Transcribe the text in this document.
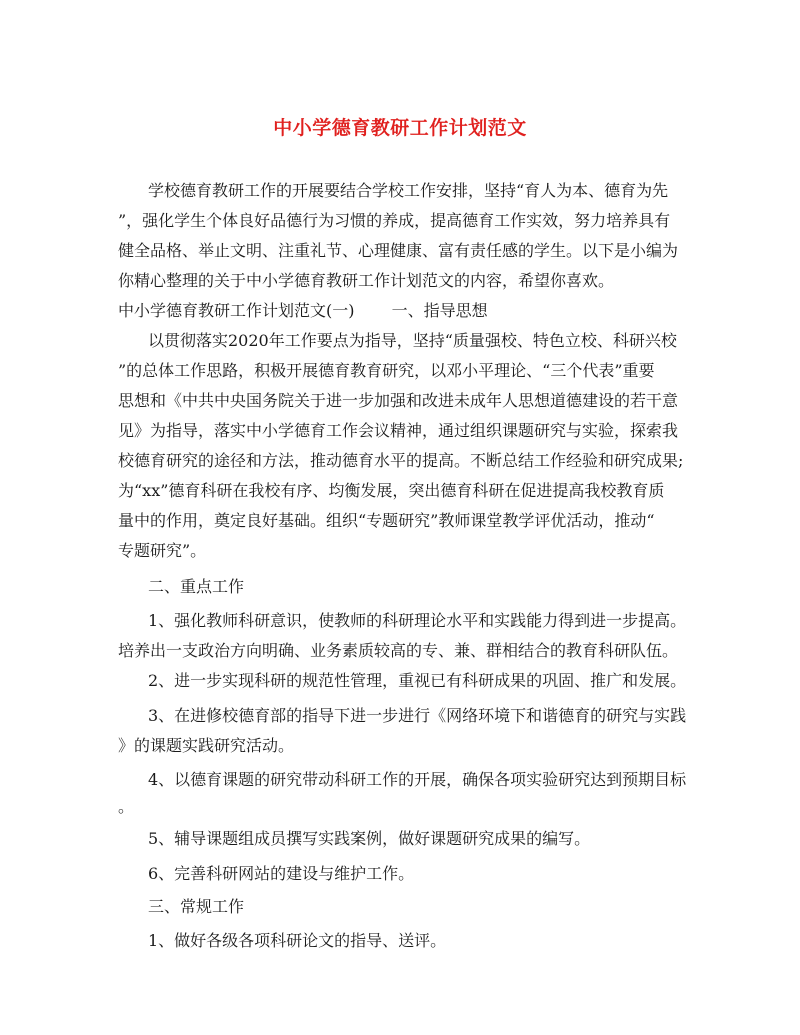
中小学德育教研工作计划范文
学校德育教研工作的开展要结合学校工作安排，坚持“育人为本、德育为先
”，强化学生个体良好品德行为习惯的养成，提高德育工作实效，努力培养具有
健全品格、举止文明、注重礼节、心理健康、富有责任感的学生。以下是小编为
你精心整理的关于中小学德育教研工作计划范文的内容，希望你喜欢。
中小学德育教研工作计划范文(一)　　 一、指导思想
以贯彻落实2020年工作要点为指导，坚持“质量强校、特色立校、科研兴校
”的总体工作思路，积极开展德育教育研究，以邓小平理论、“三个代表”重要
思想和《中共中央国务院关于进一步加强和改进未成年人思想道德建设的若干意
见》为指导，落实中小学德育工作会议精神，通过组织课题研究与实验，探索我
校德育研究的途径和方法，推动德育水平的提高。不断总结工作经验和研究成果;
为“xx”德育科研在我校有序、均衡发展，突出德育科研在促进提高我校教育质
量中的作用，奠定良好基础。组织“专题研究”教师课堂教学评优活动，推动“
专题研究”。
二、重点工作
1、强化教师科研意识，使教师的科研理论水平和实践能力得到进一步提高。
培养出一支政治方向明确、业务素质较高的专、兼、群相结合的教育科研队伍。
2、进一步实现科研的规范性管理，重视已有科研成果的巩固、推广和发展。
3、在进修校德育部的指导下进一步进行《网络环境下和谐德育的研究与实践
》的课题实践研究活动。
4、以德育课题的研究带动科研工作的开展，确保各项实验研究达到预期目标
。
5、辅导课题组成员撰写实践案例，做好课题研究成果的编写。
6、完善科研网站的建设与维护工作。
三、常规工作
1、做好各级各项科研论文的指导、送评。
